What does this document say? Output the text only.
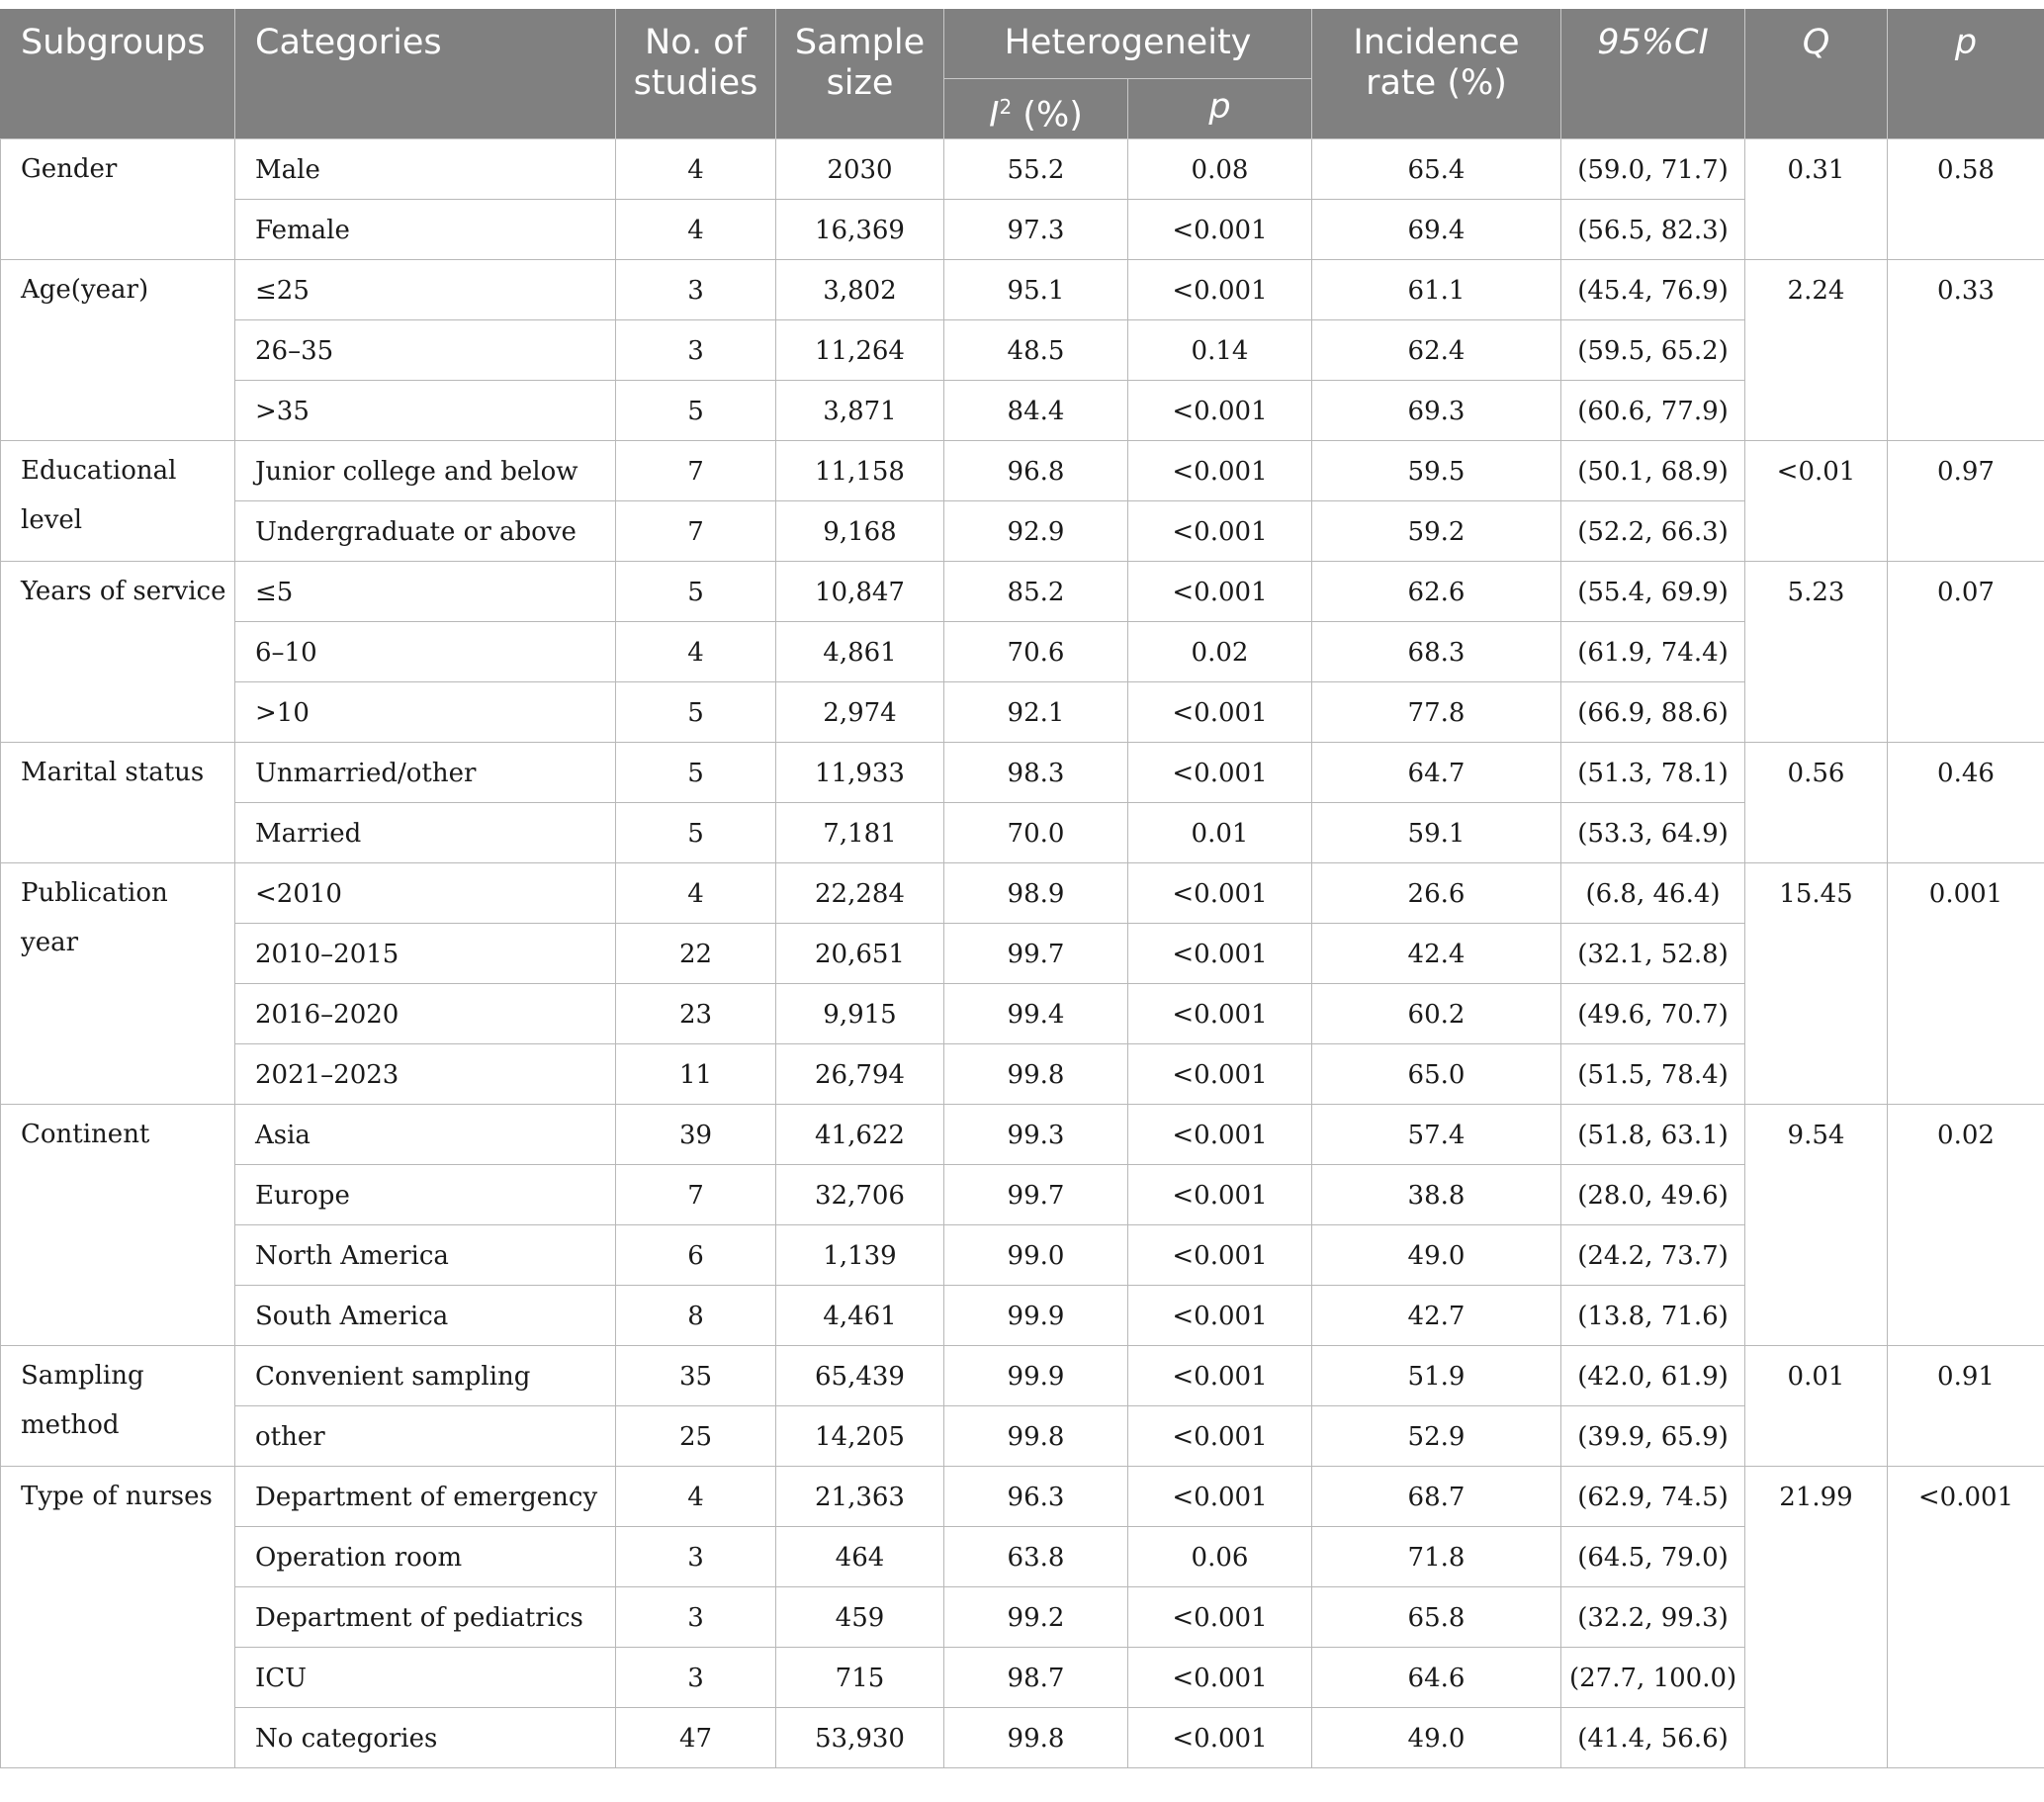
Subgroups	Categories	No. of studies	Sample size	Heterogeneity		Incidence rate (%)	95%CI	Q	p
				$I^2$ (%)	p				
Gender	Male	4	2030	55.2	0.08	65.4	(59.0, 71.7)	0.31	0.58
	Female	4	16,369	97.3	<0.001	69.4	(56.5, 82.3)		
Age(year)	≤25	3	3,802	95.1	<0.001	61.1	(45.4, 76.9)	2.24	0.33
	26–35	3	11,264	48.5	0.14	62.4	(59.5, 65.2)		
	>35	5	3,871	84.4	<0.001	69.3	(60.6, 77.9)		
Educational level	Junior college and below	7	11,158	96.8	<0.001	59.5	(50.1, 68.9)	<0.01	0.97
	Undergraduate or above	7	9,168	92.9	<0.001	59.2	(52.2, 66.3)		
Years of service	≤5	5	10,847	85.2	<0.001	62.6	(55.4, 69.9)	5.23	0.07
	6–10	4	4,861	70.6	0.02	68.3	(61.9, 74.4)		
	>10	5	2,974	92.1	<0.001	77.8	(66.9, 88.6)		
Marital status	Unmarried/other	5	11,933	98.3	<0.001	64.7	(51.3, 78.1)	0.56	0.46
	Married	5	7,181	70.0	0.01	59.1	(53.3, 64.9)		
Publication year	<2010	4	22,284	98.9	<0.001	26.6	(6.8, 46.4)	15.45	0.001
	2010–2015	22	20,651	99.7	<0.001	42.4	(32.1, 52.8)		
	2016–2020	23	9,915	99.4	<0.001	60.2	(49.6, 70.7)		
	2021–2023	11	26,794	99.8	<0.001	65.0	(51.5, 78.4)		
Continent	Asia	39	41,622	99.3	<0.001	57.4	(51.8, 63.1)	9.54	0.02
	Europe	7	32,706	99.7	<0.001	38.8	(28.0, 49.6)		
	North America	6	1,139	99.0	<0.001	49.0	(24.2, 73.7)		
	South America	8	4,461	99.9	<0.001	42.7	(13.8, 71.6)		
Sampling method	Convenient sampling	35	65,439	99.9	<0.001	51.9	(42.0, 61.9)	0.01	0.91
	other	25	14,205	99.8	<0.001	52.9	(39.9, 65.9)		
Type of nurses	Department of emergency	4	21,363	96.3	<0.001	68.7	(62.9, 74.5)	21.99	<0.001
	Operation room	3	464	63.8	0.06	71.8	(64.5, 79.0)		
	Department of pediatrics	3	459	99.2	<0.001	65.8	(32.2, 99.3)		
	ICU	3	715	98.7	<0.001	64.6	(27.7, 100.0)		
	No categories	47	53,930	99.8	<0.001	49.0	(41.4, 56.6)		
